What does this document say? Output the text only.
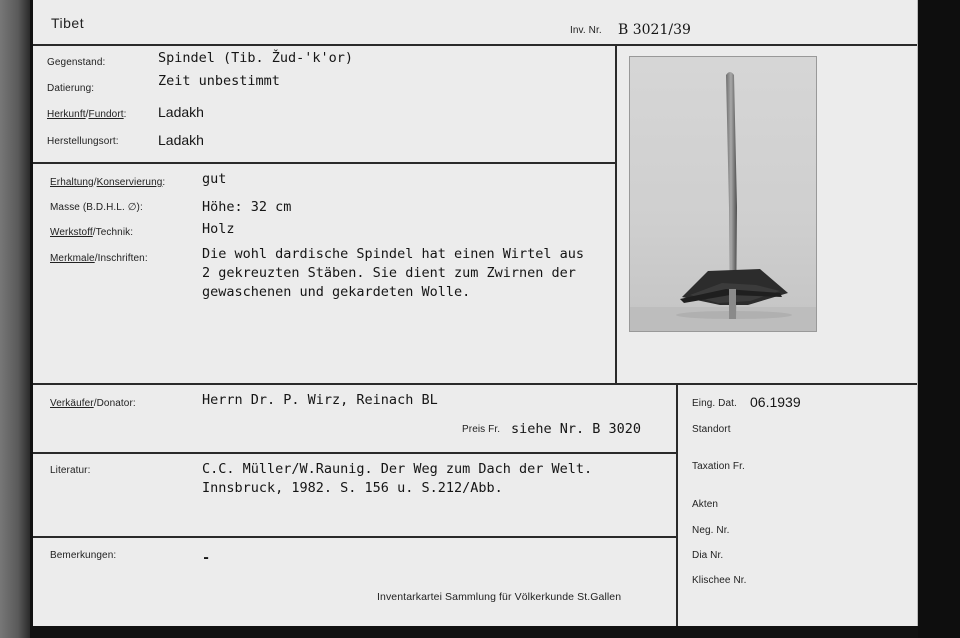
Tibet	Inv. Nr. B 3021/39
Gegenstand:	Spindel (Tib. Žud-'k'or)
Datierung:	Zeit unbestimmt
Herkunft/Fundort: Ladakh
Herstellungsort:	Ladakh
Erhaltung/Konservierung:	gut
Masse (B.D.H.L. ∅):	Höhe: 32 cm
Werkstoff/Technik:	Holz
Merkmale/Inschriften:	Die wohl dardische Spindel hat einen Wirtel aus
2 gekreuzten Stäben. Sie dient zum Zwirnen der
gewaschenen und gekardeten Wolle.
Verkäufer/Donator:	Herrn Dr. P. Wirz, Reinach BL
Preis Fr. siehe Nr. B 3020
Literatur:	C.C. Müller/W.Raunig. Der Weg zum Dach der Welt.
Innsbruck, 1982. S. 156 u. S.212/Abb.
Bemerkungen:	-
Eing. Dat. 06.1939
Standort
Taxation Fr.
Akten
Neg. Nr.
Dia Nr.
Klischee Nr.
Inventarkartei Sammlung für Völkerkunde St.Gallen
